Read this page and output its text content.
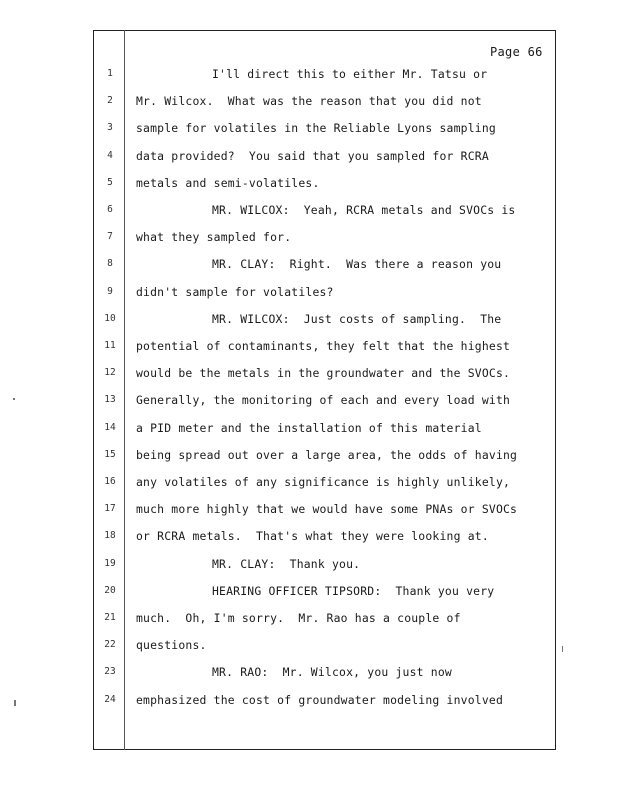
Page 66
1	I'll direct this to either Mr. Tatsu or
2	Mr. Wilcox.  What was the reason that you did not
3	sample for volatiles in the Reliable Lyons sampling
4	data provided?  You said that you sampled for RCRA
5	metals and semi-volatiles.
6	MR. WILCOX:  Yeah, RCRA metals and SVOCs is
7	what they sampled for.
8	MR. CLAY:  Right.  Was there a reason you
9	didn't sample for volatiles?
10	MR. WILCOX:  Just costs of sampling.  The
11	potential of contaminants, they felt that the highest
12	would be the metals in the groundwater and the SVOCs.
13	Generally, the monitoring of each and every load with
14	a PID meter and the installation of this material
15	being spread out over a large area, the odds of having
16	any volatiles of any significance is highly unlikely,
17	much more highly that we would have some PNAs or SVOCs
18	or RCRA metals.  That's what they were looking at.
19	MR. CLAY:  Thank you.
20	HEARING OFFICER TIPSORD:  Thank you very
21	much.  Oh, I'm sorry.  Mr. Rao has a couple of
22	questions.
23	MR. RAO:  Mr. Wilcox, you just now
24	emphasized the cost of groundwater modeling involved
